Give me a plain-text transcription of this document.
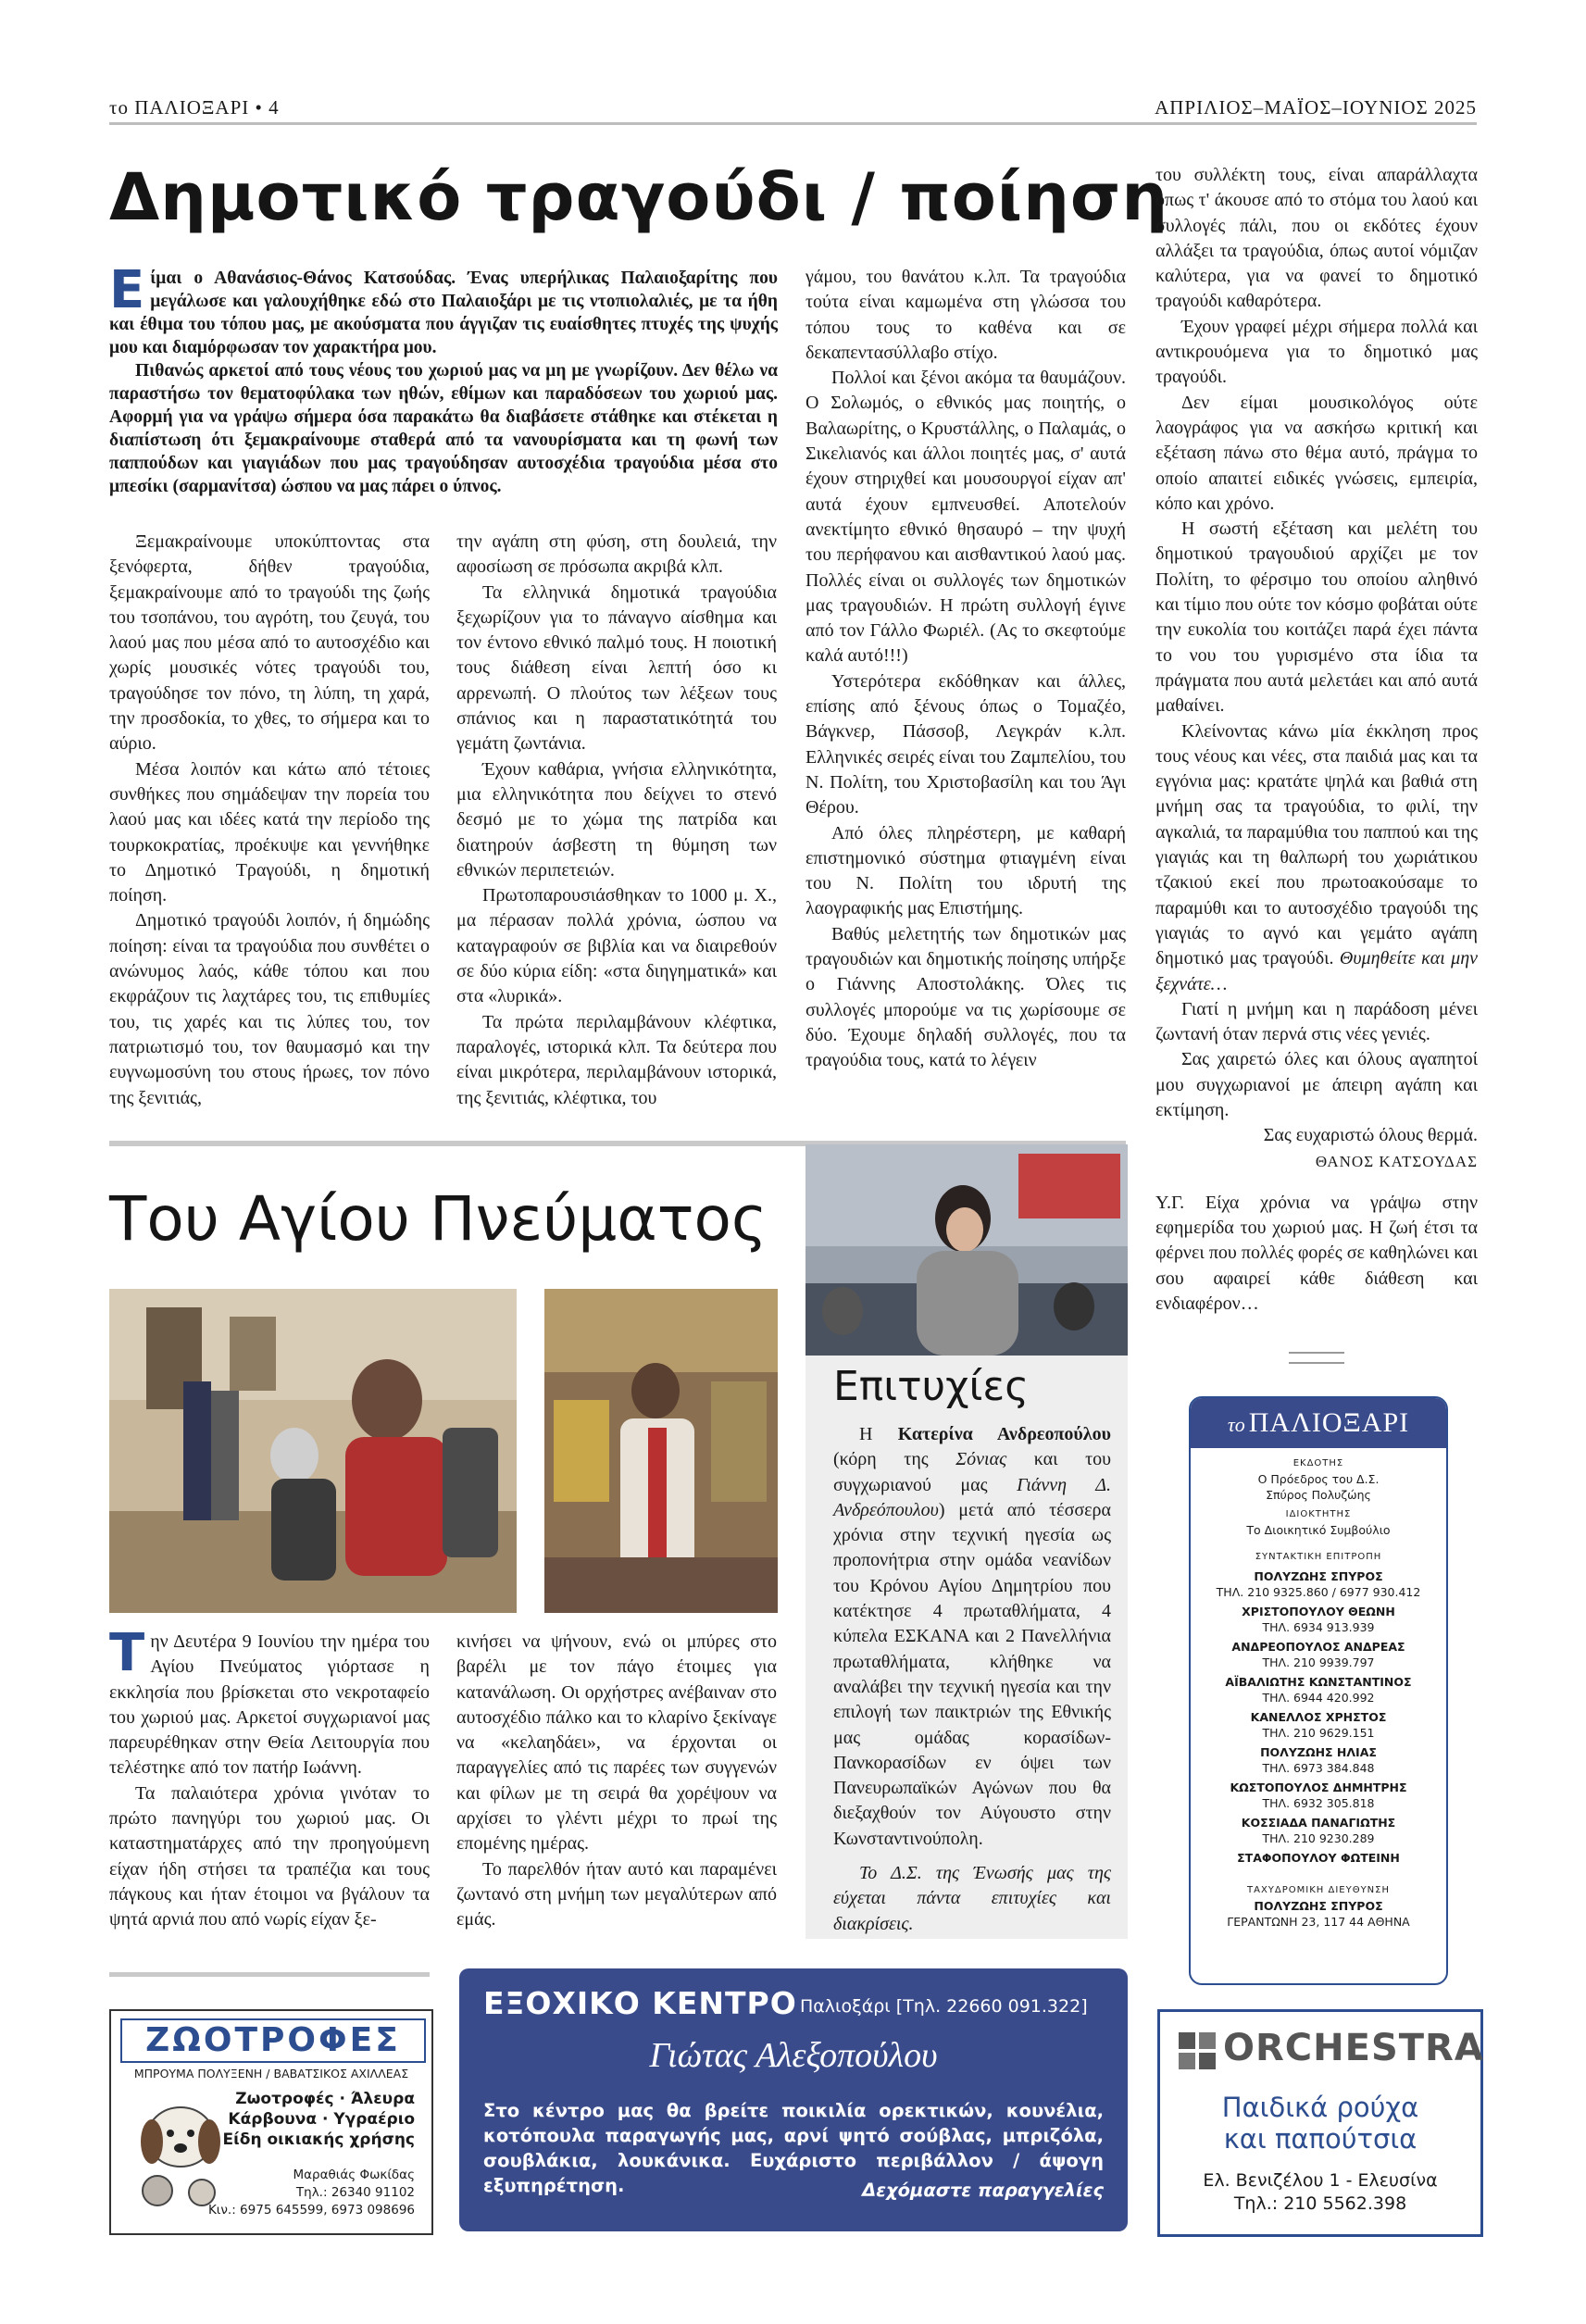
το ΠΑΛΙΟΞΑΡΙ • 4	ΑΠΡΙΛΙΟΣ–ΜΑΪΟΣ–ΙΟΥΝΙΟΣ 2025
Δημοτικό τραγούδι / ποίηση

Είμαι ο Αθανάσιος-Θάνος Κατσούδας. Ένας υπερήλικας Παλαιοξαρίτης που μεγάλωσε και γαλουχήθηκε εδώ στο Παλαιοξάρι με τις ντοπιολαλιές, με τα ήθη και έθιμα του τόπου μας, με ακούσματα που άγγιζαν τις ευαίσθητες πτυχές της ψυχής μου και διαμόρφωσαν τον χαρακτήρα μου.

Πιθανώς αρκετοί από τους νέους του χωριού μας να μη με γνωρίζουν. Δεν θέλω να παραστήσω τον θεματοφύλακα των ηθών, εθίμων και παραδόσεων του χωριού μας. Αφορμή για να γράψω σήμερα όσα παρακάτω θα διαβάσετε στάθηκε και στέκεται η διαπίστωση ότι ξεμακραίνουμε σταθερά από τα νανουρίσματα και τη φωνή των παππούδων και γιαγιάδων που μας τραγούδησαν αυτοσχέδια τραγούδια μέσα στο μπεσίκι (σαρμανίτσα) ώσπου να μας πάρει ο ύπνος.

Ξεμακραίνουμε υποκύπτοντας στα ξενόφερτα, δήθεν τραγούδια, ξεμακραίνουμε από το τραγούδι της ζωής του τσοπάνου, του αγρότη, του ζευγά, του λαού μας που μέσα από το αυτοσχέδιο και χωρίς μουσικές νότες τραγούδι του, τραγούδησε τον πόνο, τη λύπη, τη χαρά, την προσδοκία, το χθες, το σήμερα και το αύριο.

Μέσα λοιπόν και κάτω από τέτοιες συνθήκες που σημάδεψαν την πορεία του λαού μας και ιδέες κατά την περίοδο της τουρκοκρατίας, προέκυψε και γεννήθηκε το Δημοτικό Τραγούδι, η δημοτική ποίηση.

Δημοτικό τραγούδι λοιπόν, ή δημώδης ποίηση: είναι τα τραγούδια που συνθέτει ο ανώνυμος λαός, κάθε τόπου και που εκφράζουν τις λαχτάρες του, τις επιθυμίες του, τις χαρές και τις λύπες του, τον πατριωτισμό του, τον θαυμασμό και την ευγνωμοσύνη του στους ήρωες, τον πόνο της ξενιτιάς,

την αγάπη στη φύση, στη δουλειά, την αφοσίωση σε πρόσωπα ακριβά κλπ.

Τα ελληνικά δημοτικά τραγούδια ξεχωρίζουν για το πάναγνο αίσθημα και τον έντονο εθνικό παλμό τους. Η ποιοτική τους διάθεση είναι λεπτή όσο κι αρρενωπή. Ο πλούτος των λέξεων τους σπάνιος και η παραστατικότητά του γεμάτη ζωντάνια.

Έχουν καθάρια, γνήσια ελληνικότητα, μια ελληνικότητα που δείχνει το στενό δεσμό με το χώμα της πατρίδα και διατηρούν άσβεστη τη θύμηση των εθνικών περιπετειών.

Πρωτοπαρουσιάσθηκαν το 1000 μ. Χ., μα πέρασαν πολλά χρόνια, ώσπου να καταγραφούν σε βιβλία και να διαιρεθούν σε δύο κύρια είδη: «στα διηγηματικά» και στα «λυρικά».

Τα πρώτα περιλαμβάνουν κλέφτικα, παραλογές, ιστορικά κλπ. Τα δεύτερα που είναι μικρότερα, περιλαμβάνουν ιστορικά, της ξενιτιάς, κλέφτικα, του

γάμου, του θανάτου κ.λπ. Τα τραγούδια τούτα είναι καμωμένα στη γλώσσα του τόπου τους το καθένα και σε δεκαπεντασύλλαβο στίχο.

Πολλοί και ξένοι ακόμα τα θαυμάζουν. Ο Σολωμός, ο εθνικός μας ποιητής, ο Βαλαωρίτης, ο Κρυστάλλης, ο Παλαμάς, ο Σικελιανός και άλλοι ποιητές μας, σ' αυτά έχουν στηριχθεί και μουσουργοί είχαν απ' αυτά έχουν εμπνευσθεί. Αποτελούν ανεκτίμητο εθνικό θησαυρό – την ψυχή του περήφανου και αισθαντικού λαού μας. Πολλές είναι οι συλλογές των δημοτικών μας τραγουδιών. Η πρώτη συλλογή έγινε από τον Γάλλο Φωριέλ. (Ας το σκεφτούμε καλά αυτό!!!)

Υστερότερα εκδόθηκαν και άλλες, επίσης από ξένους όπως ο Τομαζέο, Βάγκνερ, Πάσσοβ, Λεγκράν κ.λπ. Ελληνικές σειρές είναι του Ζαμπελίου, του Ν. Πολίτη, του Χριστοβασίλη και του Άγι Θέρου.

Από όλες πληρέστερη, με καθαρή επιστημονικό σύστημα φτιαγμένη είναι του Ν. Πολίτη του ιδρυτή της λαογραφικής μας Επιστήμης.

Βαθύς μελετητής των δημοτικών μας τραγουδιών και δημοτικής ποίησης υπήρξε ο Γιάννης Αποστολάκης. Όλες τις συλλογές μπορούμε να τις χωρίσουμε σε δύο. Έχουμε δηλαδή συλλογές, που τα τραγούδια τους, κατά το λέγειν

του συλλέκτη τους, είναι απαράλλαχτα όπως τ' άκουσε από το στόμα του λαού και συλλογές πάλι, που οι εκδότες έχουν αλλάξει τα τραγούδια, όπως αυτοί νόμιζαν καλύτερα, για να φανεί το δημοτικό τραγούδι καθαρότερα.

Έχουν γραφεί μέχρι σήμερα πολλά και αντικρουόμενα για το δημοτικό μας τραγούδι.

Δεν είμαι μουσικολόγος ούτε λαογράφος για να ασκήσω κριτική και εξέταση πάνω στο θέμα αυτό, πράγμα το οποίο απαιτεί ειδικές γνώσεις, εμπειρία, κόπο και χρόνο.

Η σωστή εξέταση και μελέτη του δημοτικού τραγουδιού αρχίζει με τον Πολίτη, το φέρσιμο του οποίου αληθινό και τίμιο που ούτε τον κόσμο φοβάται ούτε την ευκολία του κοιτάζει παρά έχει πάντα το νου του γυρισμένο στα ίδια τα πράγματα που αυτά μελετάει και από αυτά μαθαίνει.

Κλείνοντας κάνω μία έκκληση προς τους νέους και νέες, στα παιδιά μας και τα εγγόνια μας: κρατάτε ψηλά και βαθιά στη μνήμη σας τα τραγούδια, το φιλί, την αγκαλιά, τα παραμύθια του παππού και της γιαγιάς και τη θαλπωρή του χωριάτικου τζακιού εκεί που πρωτοακούσαμε το παραμύθι και το αυτοσχέδιο τραγούδι της γιαγιάς το αγνό και γεμάτο αγάπη δημοτικό μας τραγούδι. Θυμηθείτε και μην ξεχνάτε…

Γιατί η μνήμη και η παράδοση μένει ζωντανή όταν περνά στις νέες γενιές.

Σας χαιρετώ όλες και όλους αγαπητοί μου συγχωριανοί με άπειρη αγάπη και εκτίμηση.

Σας ευχαριστώ όλους θερμά.
ΘΑΝΟΣ ΚΑΤΣΟΥΔΑΣ

Υ.Γ. Είχα χρόνια να γράψω στην εφημερίδα του χωριού μας. Η ζωή έτσι τα φέρνει που πολλές φορές σε καθηλώνει και σου αφαιρεί κάθε διάθεση και ενδιαφέρον…

Του Αγίου Πνεύματος

Την Δευτέρα 9 Ιουνίου την ημέρα του Αγίου Πνεύματος γιόρτασε η εκκλησία που βρίσκεται στο νεκροταφείο του χωριού μας. Αρκετοί συγχωριανοί μας παρευρέθηκαν στην Θεία Λειτουργία που τελέστηκε από τον πατήρ Ιωάννη.

Τα παλαιότερα χρόνια γινόταν το πρώτο πανηγύρι του χωριού μας. Οι καταστηματάρχες από την προηγούμενη είχαν ήδη στήσει τα τραπέζια και τους πάγκους και ήταν έτοιμοι να βγάλουν τα ψητά αρνιά που από νωρίς είχαν ξε-

κινήσει να ψήνουν, ενώ οι μπύρες στο βαρέλι με τον πάγο έτοιμες για κατανάλωση. Οι ορχήστρες ανέβαιναν στο αυτοσχέδιο πάλκο και το κλαρίνο ξεκίναγε να «κελαηδάει», να έρχονται οι παραγγελίες από τις παρέες των συγγενών και φίλων με τη σειρά θα χορέψουν να αρχίσει το γλέντι μέχρι το πρωί της επομένης ημέρας.

Το παρελθόν ήταν αυτό και παραμένει ζωντανό στη μνήμη των μεγαλύτερων από εμάς.

Επιτυχίες

Η Κατερίνα Ανδρεοπούλου (κόρη της Σόνιας και του συγχωριανού μας Γιάννη Δ. Ανδρεόπουλου) μετά από τέσσερα χρόνια στην τεχνική ηγεσία ως προπονήτρια στην ομάδα νεανίδων του Κρόνου Αγίου Δημητρίου που κατέκτησε 4 πρωταθλήματα, 4 κύπελα ΕΣΚΑΝΑ και 2 Πανελλήνια πρωταθλήματα, κλήθηκε να αναλάβει την τεχνική ηγεσία και την επιλογή των παικτριών της Εθνικής μας ομάδας κορασίδων-Πανκορασίδων εν όψει των Πανευρωπαϊκών Αγώνων που θα διεξαχθούν τον Αύγουστο στην Κωνσταντινούπολη.

Το Δ.Σ. της Ένωσής μας της εύχεται πάντα επιτυχίες και διακρίσεις.

το ΠΑΛΙΟΞΑΡΙ
ΕΚΔΟΤΗΣ
Ο Πρόεδρος του Δ.Σ.
Σπύρος Πολυζώης
ΙΔΙΟΚΤΗΤΗΣ
Το Διοικητικό Συμβούλιο
ΣΥΝΤΑΚΤΙΚΗ ΕΠΙΤΡΟΠΗ
ΠΟΛΥΖΩΗΣ ΣΠΥΡΟΣ
ΤΗΛ. 210 9325.860 / 6977 930.412
ΧΡΙΣΤΟΠΟΥΛΟΥ ΘΕΩΝΗ
ΤΗΛ. 6934 913.939
ΑΝΔΡΕΟΠΟΥΛΟΣ ΑΝΔΡΕΑΣ
ΤΗΛ. 210 9939.797
ΑΪΒΑΛΙΩΤΗΣ ΚΩΝΣΤΑΝΤΙΝΟΣ
ΤΗΛ. 6944 420.992
ΚΑΝΕΛΛΟΣ ΧΡΗΣΤΟΣ
ΤΗΛ. 210 9629.151
ΠΟΛΥΖΩΗΣ ΗΛΙΑΣ
ΤΗΛ. 6973 384.848
ΚΩΣΤΟΠΟΥΛΟΣ ΔΗΜΗΤΡΗΣ
ΤΗΛ. 6932 305.818
ΚΟΣΣΙΑΔΑ ΠΑΝΑΓΙΩΤΗΣ
ΤΗΛ. 210 9230.289
ΣΤΑΦΟΠΟΥΛΟΥ ΦΩΤΕΙΝΗ
ΤΑΧΥΔΡΟΜΙΚΗ ΔΙΕΥΘΥΝΣΗ
ΠΟΛΥΖΩΗΣ ΣΠΥΡΟΣ
ΓΕΡΑΝΤΩΝΗ 23, 117 44 ΑΘΗΝΑ
ΖΩΟΤΡΟΦΕΣ
ΜΠΡΟΥΜΑ ΠΟΛΥΞΕΝΗ / ΒΑΒΑΤΣΙΚΟΣ ΑΧΙΛΛΕΑΣ
Ζωοτροφές · Άλευρα
Κάρβουνα · Υγραέριο
Είδη οικιακής χρήσης
Μαραθιάς Φωκίδας
Τηλ.: 26340 91102
Κιν.: 6975 645599, 6973 098696
ΕΞΟΧΙΚΟ ΚΕΝΤΡΟ Παλιοξάρι [Τηλ. 22660 091.322]
Γιώτας Αλεξοπούλου
Στο κέντρο μας θα βρείτε ποικιλία ορεκτικών, κουνέλια, κοτόπουλα παραγωγής μας, αρνί ψητό σούβλας, μπριζόλα, σουβλάκια, λουκάνικα. Ευχάριστο περιβάλλον / άψογη εξυπηρέτηση.	Δεχόμαστε παραγγελίες
ORCHESTRA
Παιδικά ρούχα
και παπούτσια
Ελ. Βενιζέλου 1 - Ελευσίνα
Τηλ.: 210 5562.398
